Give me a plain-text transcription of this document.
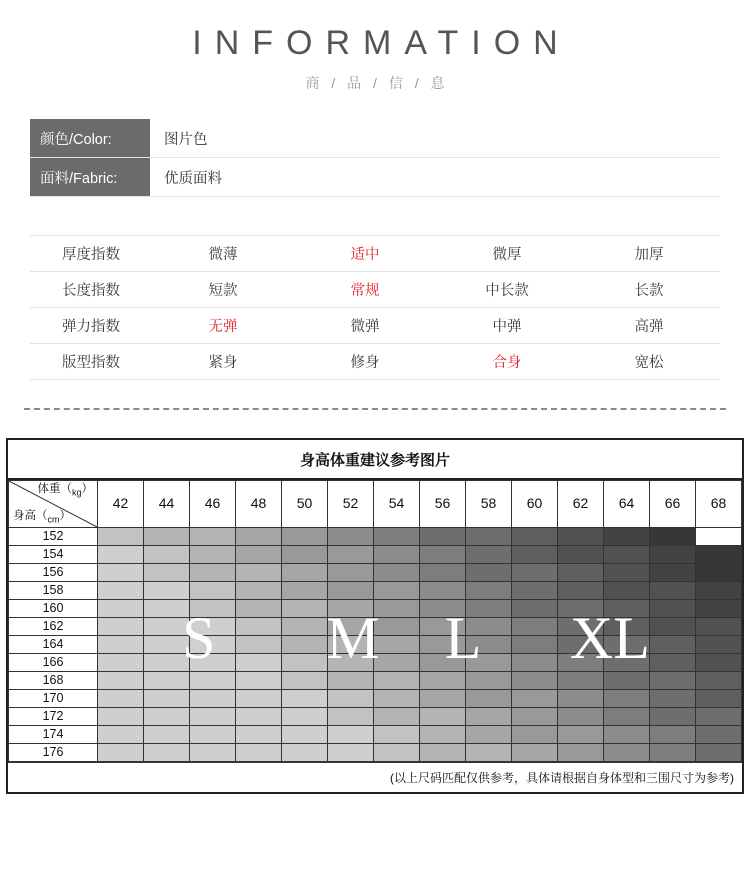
INFORMATION
商 / 品 / 信 / 息
颜色/Color:	图片色
面料/Fabric:	优质面料
厚度指数	微薄	适中	微厚	加厚
长度指数	短款	常规	中长款	长款
弹力指数	无弹	微弹	中弹	高弹
版型指数	紧身	修身	合身	宽松
身高体重建议参考图片
体重$(_{kg})$
身高$(_{cm})$	42	44	46	48	50	52	54	56	58	60	62	64	66	68
152														
154														
156														
158														
160														
162														
164														
166														
168														
170														
172														
174														
176														
S M L XL
(以上尺码匹配仅供参考，具体请根据自身体型和三围尺寸为参考)
